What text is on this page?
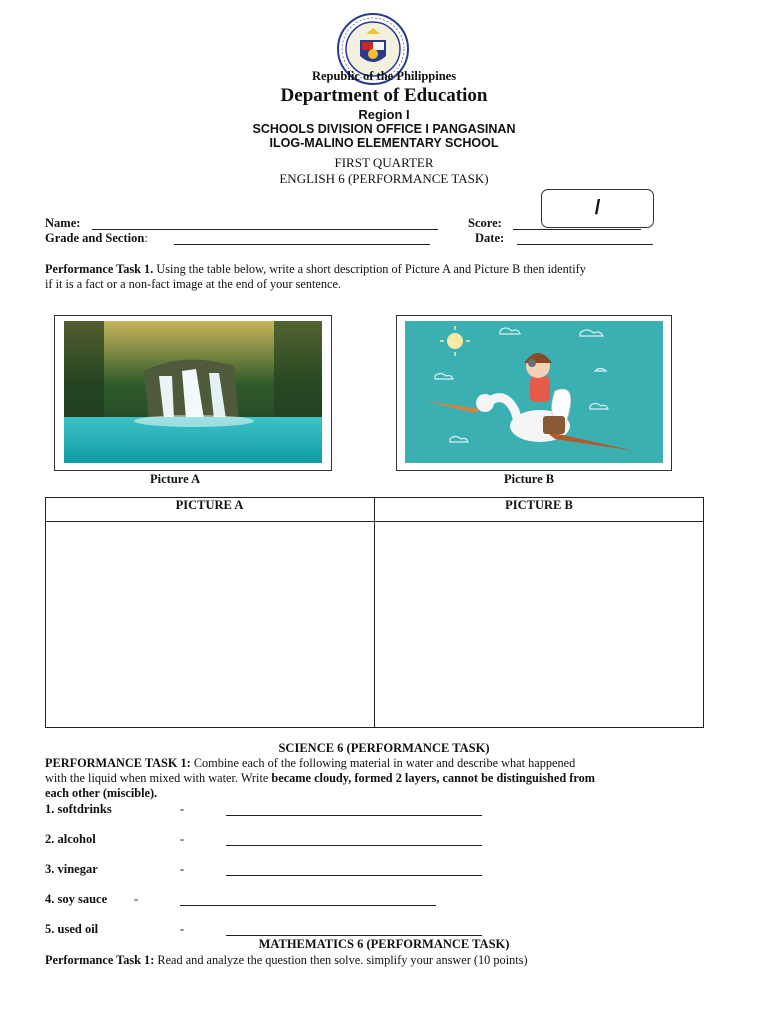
Republic of the Philippines
Department of Education
Region I
SCHOOLS DIVISION OFFICE I PANGASINAN
ILOG-MALINO ELEMENTARY SCHOOL
FIRST QUARTER
ENGLISH 6 (PERFORMANCE TASK)
/
Name:	Score:
Grade and Section:	Date:
Performance Task 1. Using the table below, write a short description of Picture A and Picture B then identify
if it is a fact or a non-fact image at the end of your sentence.
Picture A	Picture B
PICTURE A	PICTURE B
SCIENCE 6 (PERFORMANCE TASK)
PERFORMANCE TASK 1: Combine each of the following material in water and describe what happened
with the liquid when mixed with water. Write became cloudy, formed 2 layers, cannot be distinguished from
each other (miscible).
1. softdrinks	-
2. alcohol	-
3. vinegar	-
4. soy sauce -
5. used oil	-
MATHEMATICS 6 (PERFORMANCE TASK)
Performance Task 1: Read and analyze the question then solve. simplify your answer (10 points)
